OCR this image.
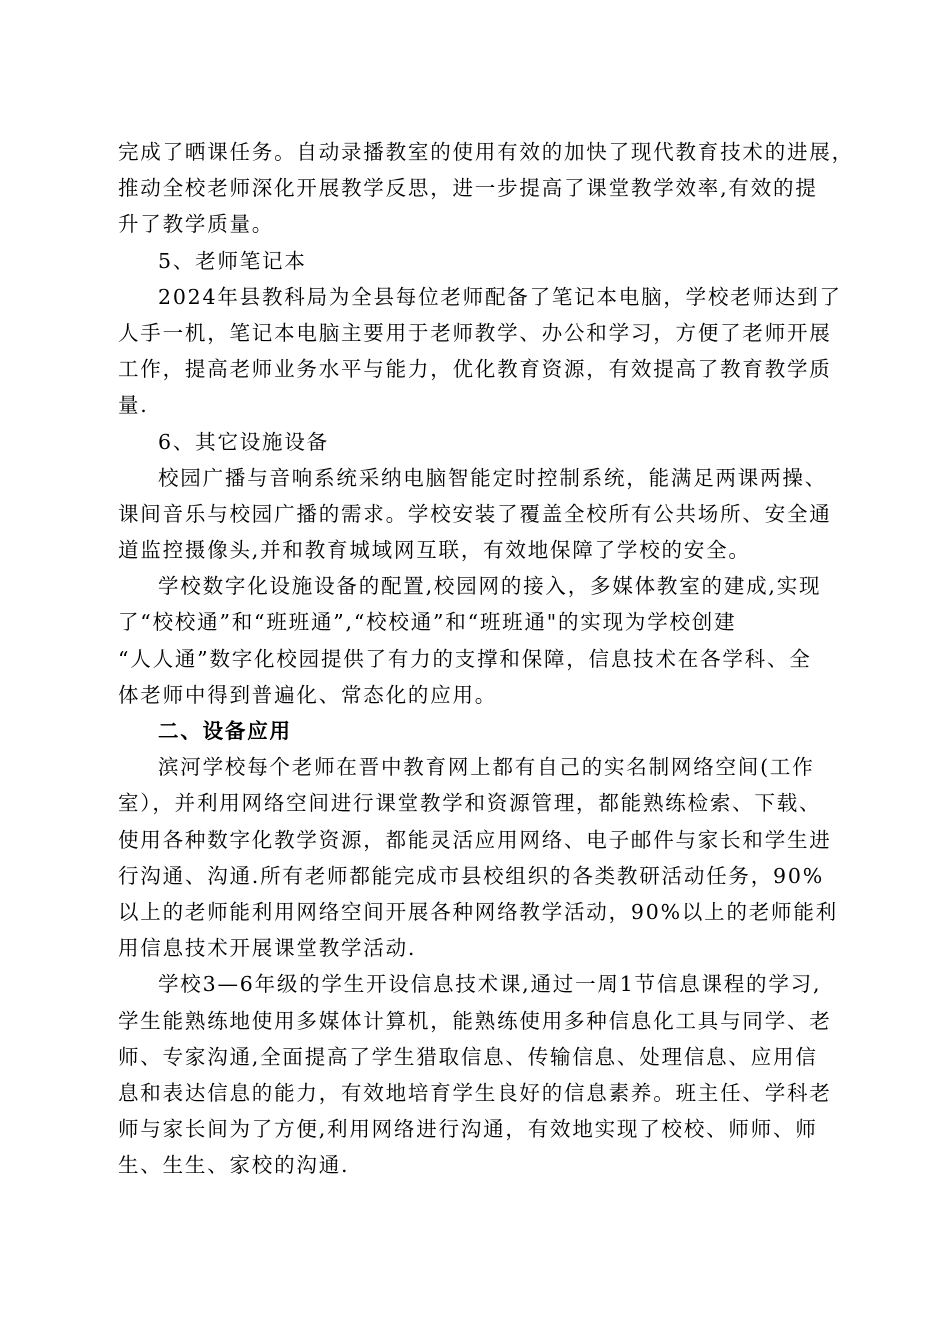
完成了晒课任务。自动录播教室的使用有效的加快了现代教育技术的进展，
推动全校老师深化开展教学反思，进一步提高了课堂教学效率,有效的提
升了教学质量。
5、老师笔记本
2024年县教科局为全县每位老师配备了笔记本电脑，学校老师达到了
人手一机，笔记本电脑主要用于老师教学、办公和学习，方便了老师开展
工作，提高老师业务水平与能力，优化教育资源，有效提高了教育教学质
量.
6、其它设施设备
校园广播与音响系统采纳电脑智能定时控制系统，能满足两课两操、
课间音乐与校园广播的需求。学校安装了覆盖全校所有公共场所、安全通
道监控摄像头,并和教育城域网互联，有效地保障了学校的安全。
学校数字化设施设备的配置,校园网的接入，多媒体教室的建成,实现
了“校校通”和“班班通”,“校校通”和“班班通"的实现为学校创建
“人人通”数字化校园提供了有力的支撑和保障，信息技术在各学科、全
体老师中得到普遍化、常态化的应用。
二、设备应用
滨河学校每个老师在晋中教育网上都有自己的实名制网络空间(工作
室），并利用网络空间进行课堂教学和资源管理，都能熟练检索、下载、
使用各种数字化教学资源，都能灵活应用网络、电子邮件与家长和学生进
行沟通、沟通.所有老师都能完成市县校组织的各类教研活动任务，90%
以上的老师能利用网络空间开展各种网络教学活动，90%以上的老师能利
用信息技术开展课堂教学活动.
学校3—6年级的学生开设信息技术课,通过一周1节信息课程的学习,
学生能熟练地使用多媒体计算机，能熟练使用多种信息化工具与同学、老
师、专家沟通,全面提高了学生猎取信息、传输信息、处理信息、应用信
息和表达信息的能力，有效地培育学生良好的信息素养。班主任、学科老
师与家长间为了方便,利用网络进行沟通，有效地实现了校校、师师、师
生、生生、家校的沟通.
